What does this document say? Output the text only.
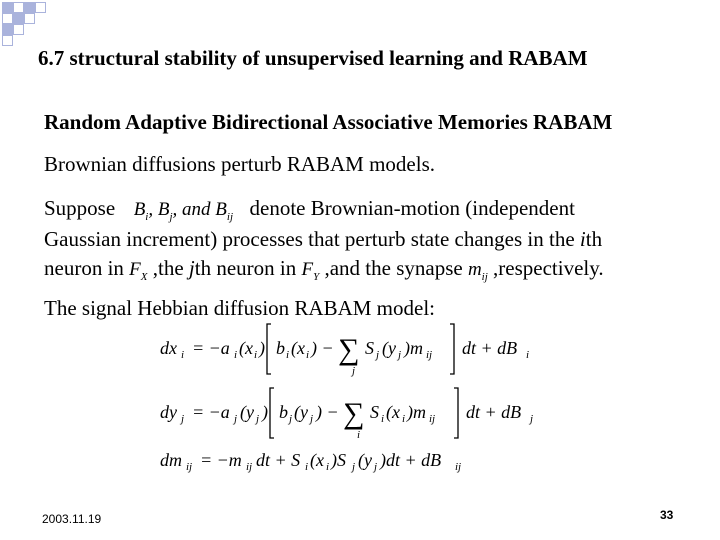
6.7 structural stability of unsupervised learning and RABAM
Random Adaptive Bidirectional Associative Memories RABAM
Brownian diffusions perturb RABAM models.
Suppose $B_i$, $B_j$, and $B_{ij}$ denote Brownian-motion (independent
Gaussian increment) processes that perturb state changes in the ith
neuron in $F_X$ ,the jth neuron in $F_Y$ ,and the synapse $m_{ij}$ ,respectively.
The signal Hebbian diffusion RABAM model:
dx i = −a i (x i ) b i (x i ) − ∑
j
S j (y j )m ij dt + dB i
dy j = −a j (y j ) b j (y j ) − ∑
i
S i (x i )m ij dt + dB j
dm ij = −m ij dt + S i (x i )S j (y j )dt + dB ij
2003.11.19	33
